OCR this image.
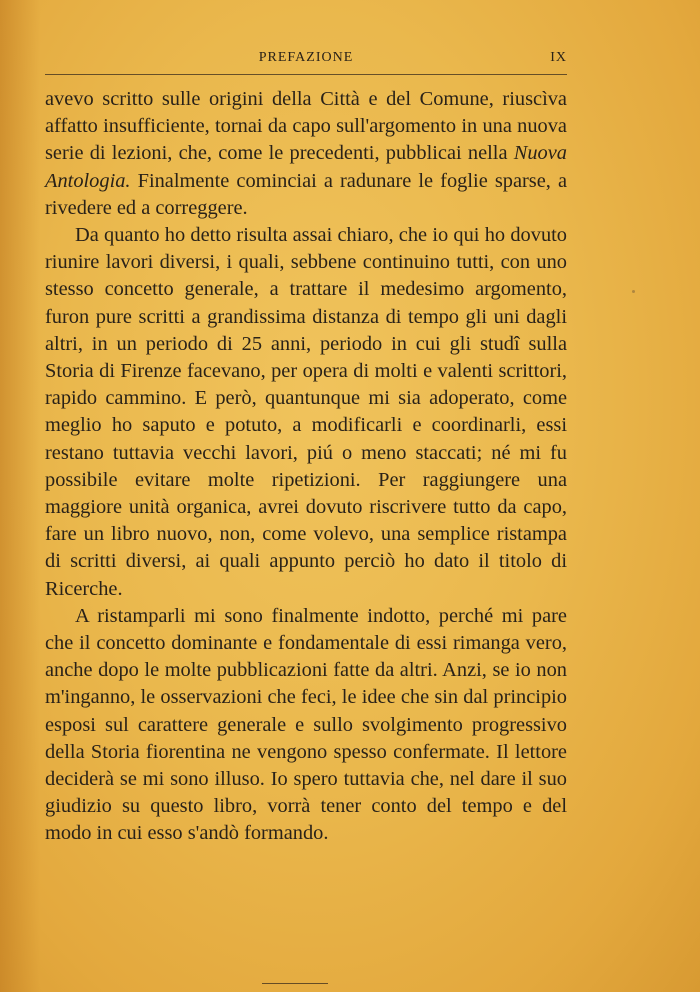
PREFAZIONE	IX

avevo scritto sulle origini della Città e del Comune, riuscìva affatto insufficiente, tornai da capo sull'argomento in una nuova serie di lezioni, che, come le precedenti, pubblicai nella Nuova Antologia. Finalmente cominciai a radunare le foglie sparse, a rivedere ed a correggere.

Da quanto ho detto risulta assai chiaro, che io qui ho dovuto riunire lavori diversi, i quali, sebbene continuino tutti, con uno stesso concetto generale, a trattare il medesimo argomento, furon pure scritti a grandissima distanza di tempo gli uni dagli altri, in un periodo di 25 anni, periodo in cui gli studî sulla Storia di Firenze facevano, per opera di molti e valenti scrittori, rapido cammino. E però, quantunque mi sia adoperato, come meglio ho saputo e potuto, a modificarli e coordinarli, essi restano tuttavia vecchi lavori, piú o meno staccati; né mi fu possibile evitare molte ripetizioni. Per raggiungere una maggiore unità organica, avrei dovuto riscrivere tutto da capo, fare un libro nuovo, non, come volevo, una semplice ristampa di scritti diversi, ai quali appunto perciò ho dato il titolo di Ricerche.

A ristamparli mi sono finalmente indotto, perché mi pare che il concetto dominante e fondamentale di essi rimanga vero, anche dopo le molte pubblicazioni fatte da altri. Anzi, se io non m'inganno, le osservazioni che feci, le idee che sin dal principio esposi sul carattere generale e sullo svolgimento progressivo della Storia fiorentina ne vengono spesso confermate. Il lettore deciderà se mi sono illuso. Io spero tuttavia che, nel dare il suo giudizio su questo libro, vorrà tener conto del tempo e del modo in cui esso s'andò formando.
